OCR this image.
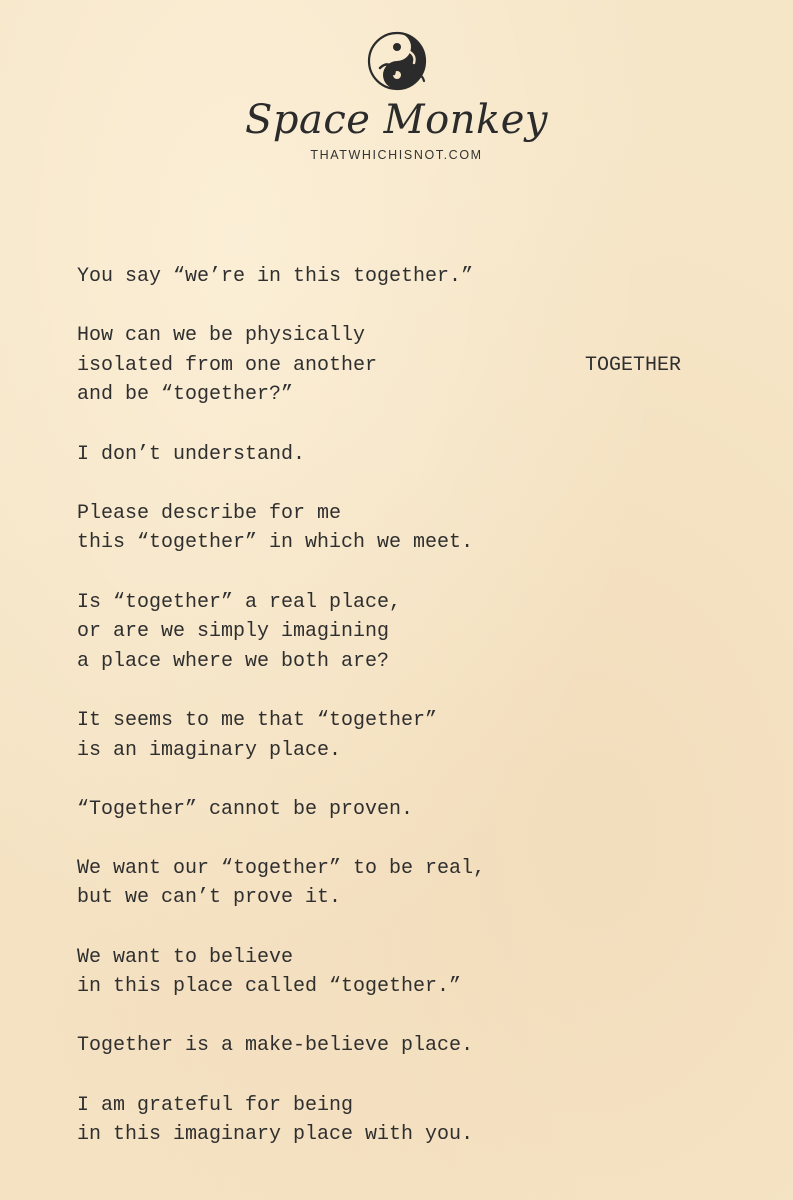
Space Monkey
THATWHICHISNOT.COM
TOGETHER
You say “we’re in this together.”
How can we be physically
isolated from one another
and be “together?”
I don’t understand.
Please describe for me
this “together” in which we meet.
Is “together” a real place,
or are we simply imagining
a place where we both are?
It seems to me that “together”
is an imaginary place.
“Together” cannot be proven.
We want our “together” to be real,
but we can’t prove it.
We want to believe
in this place called “together.”
Together is a make-believe place.
I am grateful for being
in this imaginary place with you.
